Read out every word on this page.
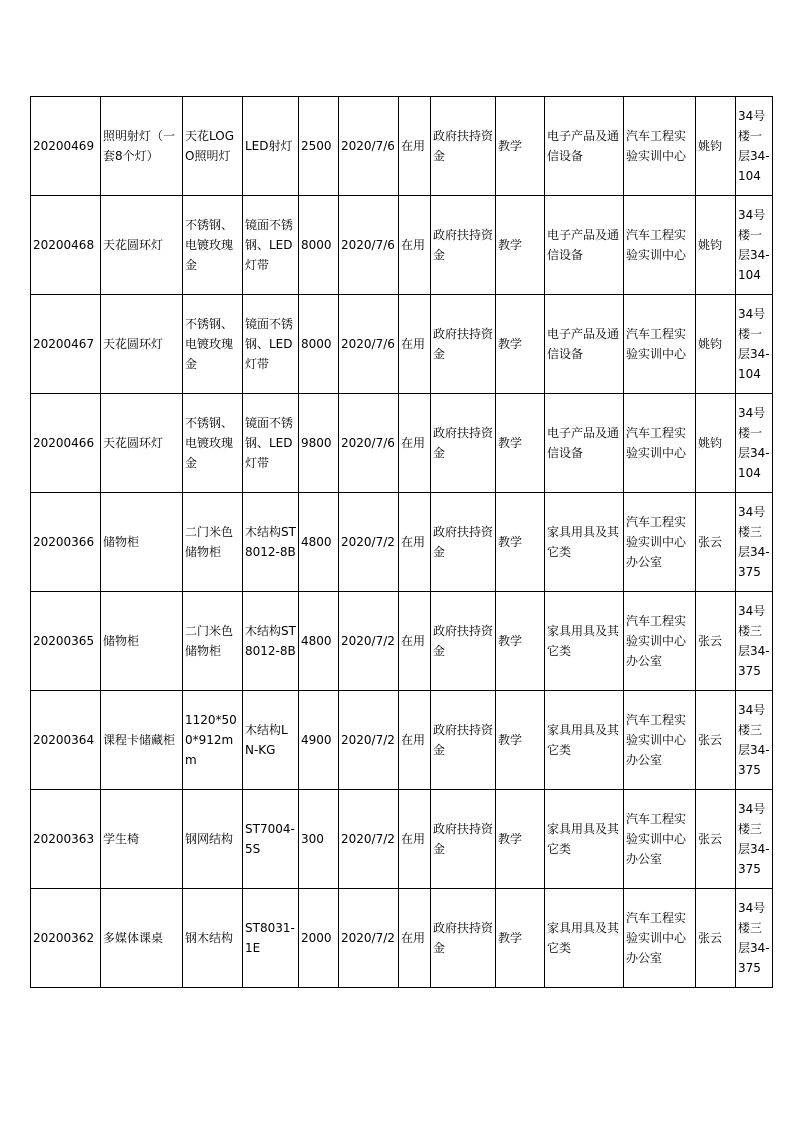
20200469	照明射灯（一套8个灯）	天花LOGO照明灯	LED射灯	2500	2020/7/6	在用	政府扶持资金	教学	电子产品及通信设备	汽车工程实验实训中心	姚钧	34号楼一层34-104
20200468	天花圆环灯	不锈钢、电镀玫瑰金	镜面不锈钢、LED灯带	8000	2020/7/6	在用	政府扶持资金	教学	电子产品及通信设备	汽车工程实验实训中心	姚钧	34号楼一层34-104
20200467	天花圆环灯	不锈钢、电镀玫瑰金	镜面不锈钢、LED灯带	8000	2020/7/6	在用	政府扶持资金	教学	电子产品及通信设备	汽车工程实验实训中心	姚钧	34号楼一层34-104
20200466	天花圆环灯	不锈钢、电镀玫瑰金	镜面不锈钢、LED灯带	9800	2020/7/6	在用	政府扶持资金	教学	电子产品及通信设备	汽车工程实验实训中心	姚钧	34号楼一层34-104
20200366	储物柜	二门米色储物柜	木结构ST8012-8B	4800	2020/7/2	在用	政府扶持资金	教学	家具用具及其它类	汽车工程实验实训中心办公室	张云	34号楼三层34-375
20200365	储物柜	二门米色储物柜	木结构ST8012-8B	4800	2020/7/2	在用	政府扶持资金	教学	家具用具及其它类	汽车工程实验实训中心办公室	张云	34号楼三层34-375
20200364	课程卡储藏柜	1120*500*912mm	木结构LN-KG	4900	2020/7/2	在用	政府扶持资金	教学	家具用具及其它类	汽车工程实验实训中心办公室	张云	34号楼三层34-375
20200363	学生椅	钢网结构	ST7004-5S	300	2020/7/2	在用	政府扶持资金	教学	家具用具及其它类	汽车工程实验实训中心办公室	张云	34号楼三层34-375
20200362	多媒体课桌	钢木结构	ST8031-1E	2000	2020/7/2	在用	政府扶持资金	教学	家具用具及其它类	汽车工程实验实训中心办公室	张云	34号楼三层34-375
